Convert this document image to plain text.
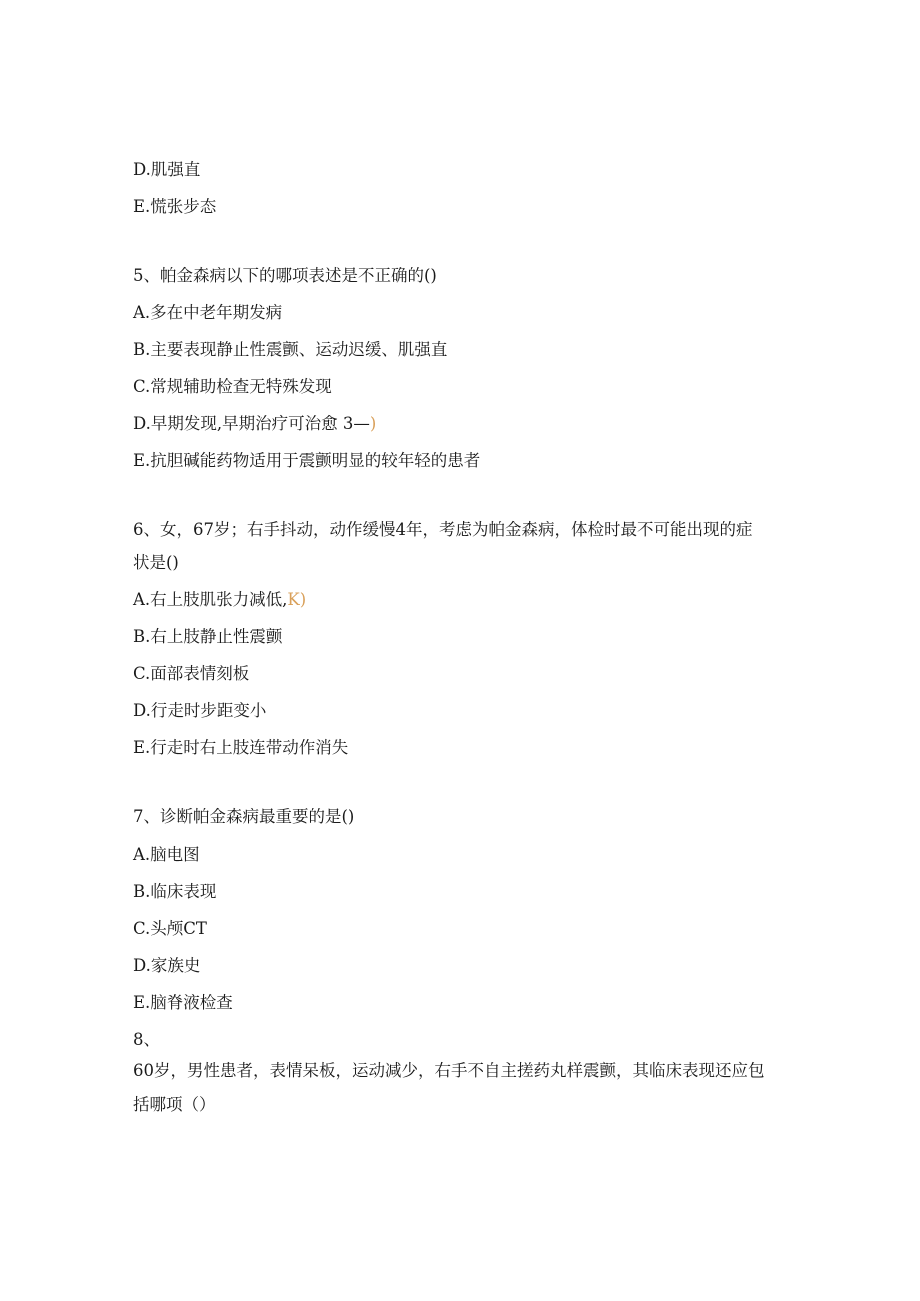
D.肌强直
E.慌张步态
5、帕金森病以下的哪项表述是不正确的()
A.多在中老年期发病
B.主要表现静止性震颤、运动迟缓、肌强直
C.常规辅助检查无特殊发现
D.早期发现,早期治疗可治愈 3—)
E.抗胆碱能药物适用于震颤明显的较年轻的患者
6、女，67岁；右手抖动，动作缓慢4年，考虑为帕金森病，体检时最不可能出现的症
状是()
A.右上肢肌张力减低,K)
B.右上肢静止性震颤
C.面部表情刻板
D.行走时步距变小
E.行走时右上肢连带动作消失
7、诊断帕金森病最重要的是()
A.脑电图
B.临床表现
C.头颅CT
D.家族史
E.脑脊液检查
8、
60岁，男性患者，表情呆板，运动减少，右手不自主搓药丸样震颤，其临床表现还应包
括哪项（）
